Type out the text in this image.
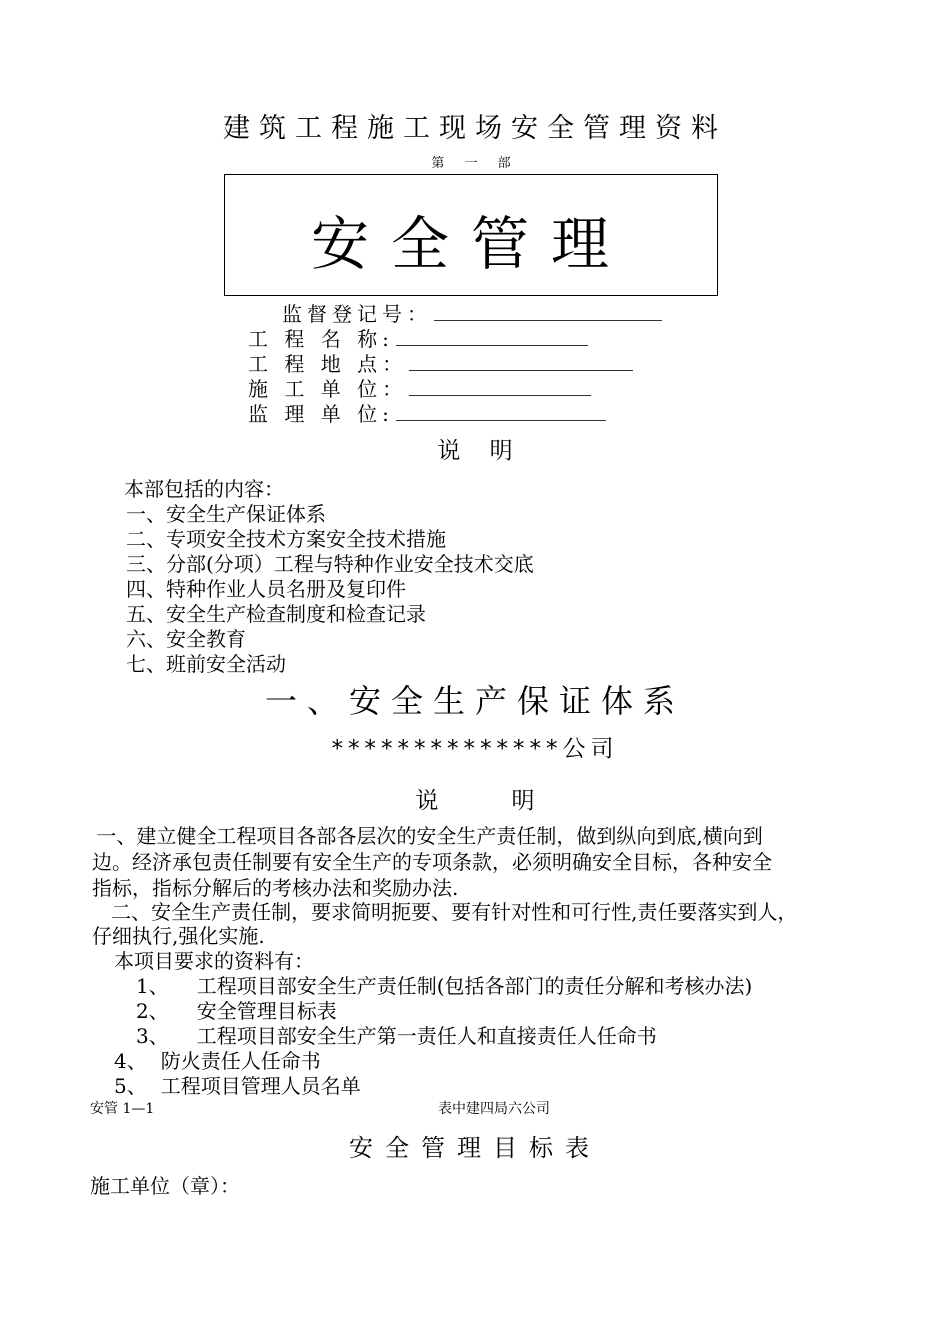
建筑工程施工现场安全管理资料
第 一 部
安全管理
监督登记号：
工 程 名 称:
工 程 地 点：
施 工 单 位：
监 理 单 位:
说    明
本部包括的内容：
一、安全生产保证体系
二、专项安全技术方案安全技术措施
三、分部(分项）工程与特种作业安全技术交底
四、特种作业人员名册及复印件
五、安全生产检查制度和检查记录
六、安全教育
七、班前安全活动
一、安全生产保证体系
**************公司
说          明
一、建立健全工程项目各部各层次的安全生产责任制，做到纵向到底,横向到
边。经济承包责任制要有安全生产的专项条款，必须明确安全目标，各种安全
指标，指标分解后的考核办法和奖励办法.
二、安全生产责任制，要求简明扼要、要有针对性和可行性,责任要落实到人，
仔细执行,强化实施.
本项目要求的资料有：
1、 工程项目部安全生产责任制(包括各部门的责任分解和考核办法)
2、 安全管理目标表
3、 工程项目部安全生产第一责任人和直接责任人任命书
4、 防火责任人任命书
5、 工程项目管理人员名单
安管 1—1	表中建四局六公司
安全管理目标表
施工单位（章）：
